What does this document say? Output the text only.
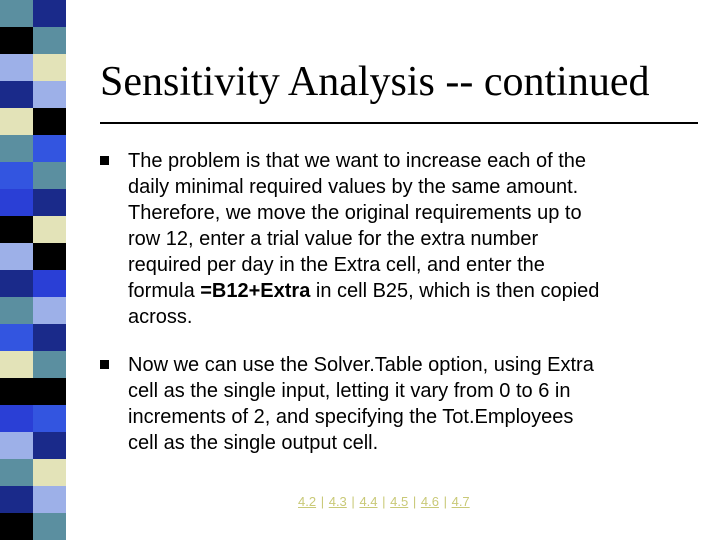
Sensitivity Analysis -- continued
The problem is that we want to increase each of the
daily minimal required values by the same amount.
Therefore, we move the original requirements up to
row 12, enter a trial value for the extra number
required per day in the Extra cell, and enter the
formula =B12+Extra in cell B25, which is then copied
across.
Now we can use the Solver.Table option, using Extra
cell as the single input, letting it vary from 0 to 6 in
increments of 2, and specifying the Tot.Employees
cell as the single output cell.
4.2 | 4.3 | 4.4 | 4.5 | 4.6 | 4.7
